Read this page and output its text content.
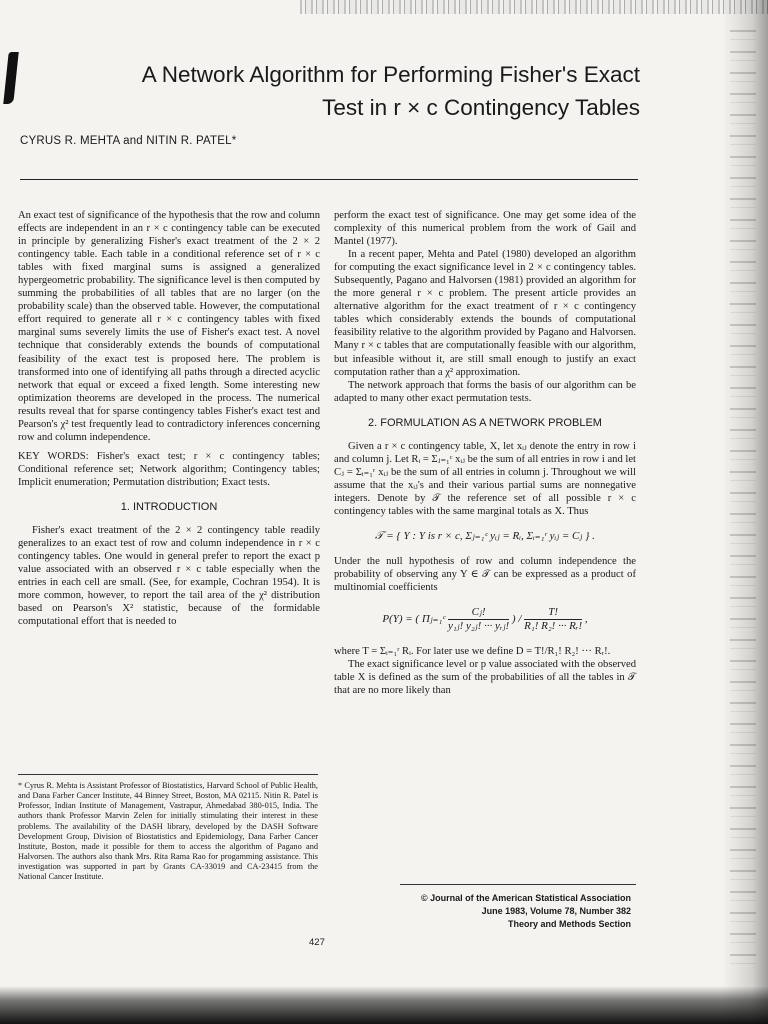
A Network Algorithm for Performing Fisher's Exact
Test in r × c Contingency Tables

CYRUS R. MEHTA and NITIN R. PATEL*

An exact test of significance of the hypothesis that the row and column effects are independent in an r × c contingency table can be executed in principle by generalizing Fisher's exact treatment of the 2 × 2 contingency table. Each table in a conditional reference set of r × c tables with fixed marginal sums is assigned a generalized hypergeometric probability. The significance level is then computed by summing the probabilities of all tables that are no larger (on the probability scale) than the observed table. However, the computational effort required to generate all r × c contingency tables with fixed marginal sums severely limits the use of Fisher's exact test. A novel technique that considerably extends the bounds of computational feasibility of the exact test is proposed here. The problem is transformed into one of identifying all paths through a directed acyclic network that equal or exceed a fixed length. Some interesting new optimization theorems are developed in the process. The numerical results reveal that for sparse contingency tables Fisher's exact test and Pearson's χ² test frequently lead to contradictory inferences concerning row and column independence.

KEY WORDS: Fisher's exact test; r × c contingency tables; Conditional reference set; Network algorithm; Contingency tables; Implicit enumeration; Permutation distribution; Exact tests.

1. INTRODUCTION

Fisher's exact treatment of the 2 × 2 contingency table readily generalizes to an exact test of row and column independence in r × c contingency tables. One would in general prefer to report the exact p value associated with an observed r × c table especially when the entries in each cell are small. (See, for example, Cochran 1954). It is more common, however, to report the tail area of the χ² distribution based on Pearson's X² statistic, because of the formidable computational effort that is needed to

* Cyrus R. Mehta is Assistant Professor of Biostatistics, Harvard School of Public Health, and Dana Farber Cancer Institute, 44 Binney Street, Boston, MA 02115. Nitin R. Patel is Professor, Indian Institute of Management, Vastrapur, Ahmedabad 380-015, India. The authors thank Professor Marvin Zelen for initially stimulating their interest in these problems. The availability of the DASH library, developed by the DASH Software Development Group, Division of Biostatistics and Epidemiology, Dana Farber Cancer Institute, Boston, made it possible for them to access the algorithm of Pagano and Halvorsen. The authors also thank Mrs. Rita Rama Rao for progamming assistance. This investigation was supported in part by Grants CA-33019 and CA-23415 from the National Cancer Institute.

perform the exact test of significance. One may get some idea of the complexity of this numerical problem from the work of Gail and Mantel (1977).

In a recent paper, Mehta and Patel (1980) developed an algorithm for computing the exact significance level in 2 × c contingency tables. Subsequently, Pagano and Halvorsen (1981) provided an algorithm for the more general r × c problem. The present article provides an alternative algorithm for the exact treatment of r × c contingency tables which considerably extends the bounds of computational feasibility relative to the algorithm provided by Pagano and Halvorsen. Many r × c tables that are computationally feasible with our algorithm, but infeasible without it, are still small enough to justify an exact computation rather than a χ² approximation.

The network approach that forms the basis of our algorithm can be adapted to many other exact permutation tests.

2. FORMULATION AS A NETWORK PROBLEM

Given a r × c contingency table, X, let xᵢⱼ denote the entry in row i and column j. Let Rᵢ = Σⱼ₌₁ᶜ xᵢⱼ be the sum of all entries in row i and let Cⱼ = Σᵢ₌₁ʳ xᵢⱼ be the sum of all entries in column j. Throughout we will assume that the xᵢⱼ's and their various partial sums are nonnegative integers. Denote by 𝒯 the reference set of all possible r × c contingency tables with the same marginal totals as X. Thus

𝒯 = { Y : Y is r × c, Σⱼ₌₁ᶜ yᵢⱼ = Rᵢ, Σᵢ₌₁ʳ yᵢⱼ = Cⱼ } .

Under the null hypothesis of row and column independence the probability of observing any Y ∈ 𝒯 can be expressed as a product of multinomial coefficients

P(Y) = ( Πⱼ₌₁ᶜ $\frac{\text{Cⱼ!}}{\text{y₁ⱼ! y₂ⱼ! ··· yᵣⱼ!}}$ ) / $\frac{T!}{\text{R₁! R₂! ··· Rᵣ!}}$ ,

where T = Σᵢ₌₁ʳ Rᵢ. For later use we define D = T!/R₁! R₂! ··· Rᵣ!.

The exact significance level or p value associated with the observed table X is defined as the sum of the probabilities of all the tables in 𝒯 that are no more likely than

© Journal of the American Statistical Association
June 1983, Volume 78, Number 382
Theory and Methods Section

427
